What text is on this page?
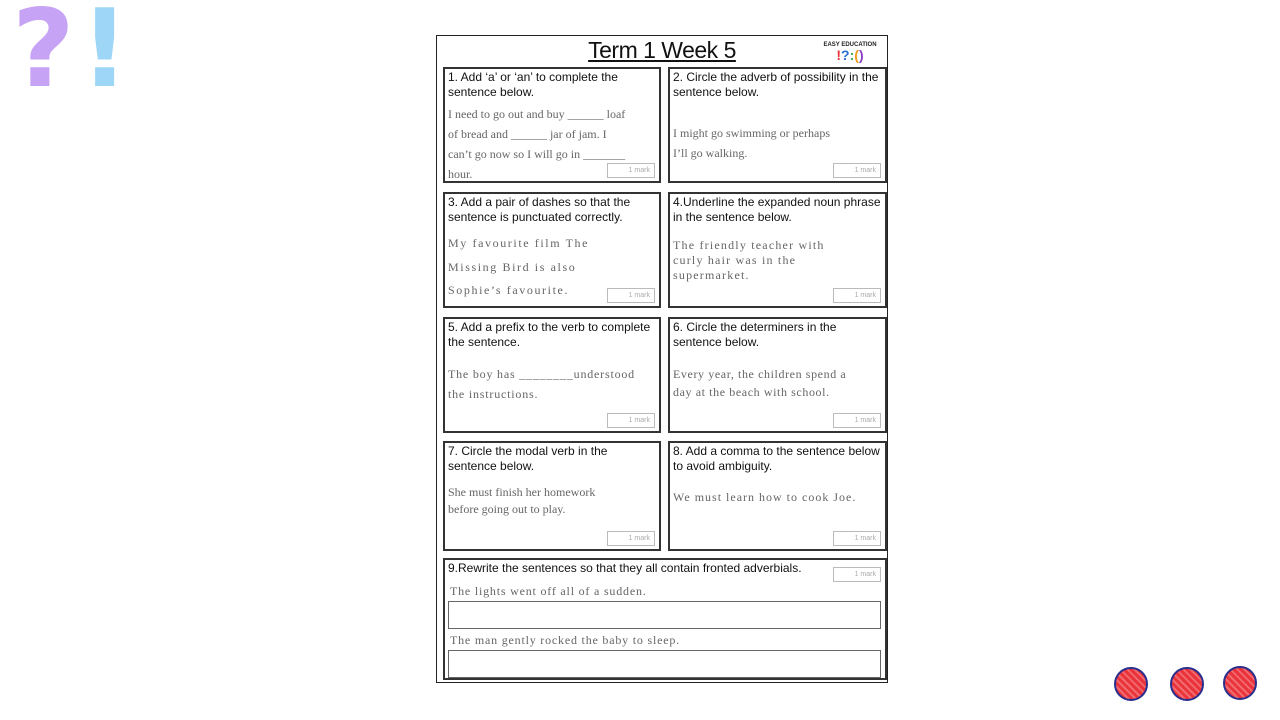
? !	Term 1 Week 5	EASY EDUCATION
!?:()
1. Add ‘a’ or ‘an’ to complete the sentence below.
I need to go out and buy ______ loaf
of bread and ______ jar of jam. I
can’t go now so I will go in _______
hour.	1 mark
2. Circle the adverb of possibility in the sentence below.
I might go swimming or perhaps
I’ll go walking.
1 mark
3. Add a pair of dashes so that the sentence is punctuated correctly.
My favourite film The
Missing Bird is also
Sophie’s favourite.	1 mark
4.Underline the expanded noun phrase in the sentence below.
The friendly teacher with
curly hair was in the
supermarket.
1 mark
5. Add a prefix to the verb to complete the sentence.
The boy has ________understood
the instructions.
1 mark
6. Circle the determiners in the sentence below.
Every year, the children spend a
day at the beach with school.
1 mark
7. Circle the modal verb in the sentence below.
She must finish her homework
before going out to play.
1 mark
8. Add a comma to the sentence below to avoid ambiguity.
We must learn how to cook Joe.
1 mark
9.Rewrite the sentences so that they all contain fronted adverbials.	1 mark
The lights went off all of a sudden.
The man gently rocked the baby to sleep.
